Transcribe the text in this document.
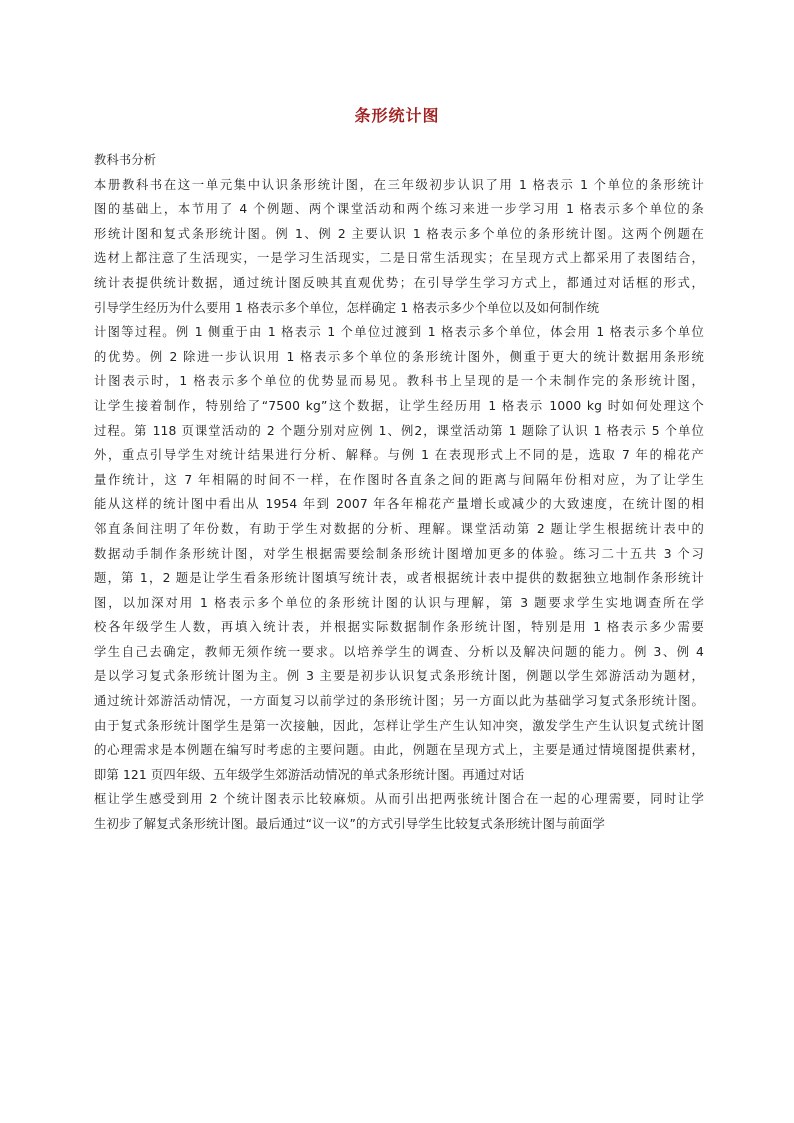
条形统计图
教科书分析
本册教科书在这一单元集中认识条形统计图，在三年级初步认识了用 1 格表示 1 个单位的条形统计
图的基础上，本节用了 4 个例题、两个课堂活动和两个练习来进一步学习用 1 格表示多个单位的条
形统计图和复式条形统计图。例 1、例 2 主要认识 1 格表示多个单位的条形统计图。这两个例题在
选材上都注意了生活现实，一是学习生活现实，二是日常生活现实；在呈现方式上都采用了表图结合，
统计表提供统计数据，通过统计图反映其直观优势；在引导学生学习方式上，都通过对话框的形式，
引导学生经历为什么要用 1 格表示多个单位，怎样确定 1 格表示多少个单位以及如何制作统
计图等过程。例 1 侧重于由 1 格表示 1 个单位过渡到 1 格表示多个单位，体会用 1 格表示多个单位
的优势。例 2 除进一步认识用 1 格表示多个单位的条形统计图外，侧重于更大的统计数据用条形统
计图表示时，1 格表示多个单位的优势显而易见。教科书上呈现的是一个未制作完的条形统计图，
让学生接着制作，特别给了“7500 kg”这个数据，让学生经历用 1 格表示 1000 kg 时如何处理这个
过程。第 118 页课堂活动的 2 个题分别对应例 1、例2，课堂活动第 1 题除了认识 1 格表示 5 个单位
外，重点引导学生对统计结果进行分析、解释。与例 1 在表现形式上不同的是，选取 7 年的棉花产
量作统计，这 7 年相隔的时间不一样，在作图时各直条之间的距离与间隔年份相对应，为了让学生
能从这样的统计图中看出从 1954 年到 2007 年各年棉花产量增长或减少的大致速度，在统计图的相
邻直条间注明了年份数，有助于学生对数据的分析、理解。课堂活动第 2 题让学生根据统计表中的
数据动手制作条形统计图，对学生根据需要绘制条形统计图增加更多的体验。练习二十五共 3 个习
题，第 1，2 题是让学生看条形统计图填写统计表，或者根据统计表中提供的数据独立地制作条形统计
图，以加深对用 1 格表示多个单位的条形统计图的认识与理解，第 3 题要求学生实地调查所在学
校各年级学生人数，再填入统计表，并根据实际数据制作条形统计图，特别是用 1 格表示多少需要
学生自己去确定，教师无须作统一要求。以培养学生的调查、分析以及解决问题的能力。例 3、例 4
是以学习复式条形统计图为主。例 3 主要是初步认识复式条形统计图，例题以学生郊游活动为题材，
通过统计郊游活动情况，一方面复习以前学过的条形统计图；另一方面以此为基础学习复式条形统计图。
由于复式条形统计图学生是第一次接触，因此，怎样让学生产生认知冲突，激发学生产生认识复式统计图
的心理需求是本例题在编写时考虑的主要问题。由此，例题在呈现方式上，主要是通过情境图提供素材，
即第 121 页四年级、五年级学生郊游活动情况的单式条形统计图。再通过对话
框让学生感受到用 2 个统计图表示比较麻烦。从而引出把两张统计图合在一起的心理需要，同时让学
生初步了解复式条形统计图。最后通过“议一议”的方式引导学生比较复式条形统计图与前面学
